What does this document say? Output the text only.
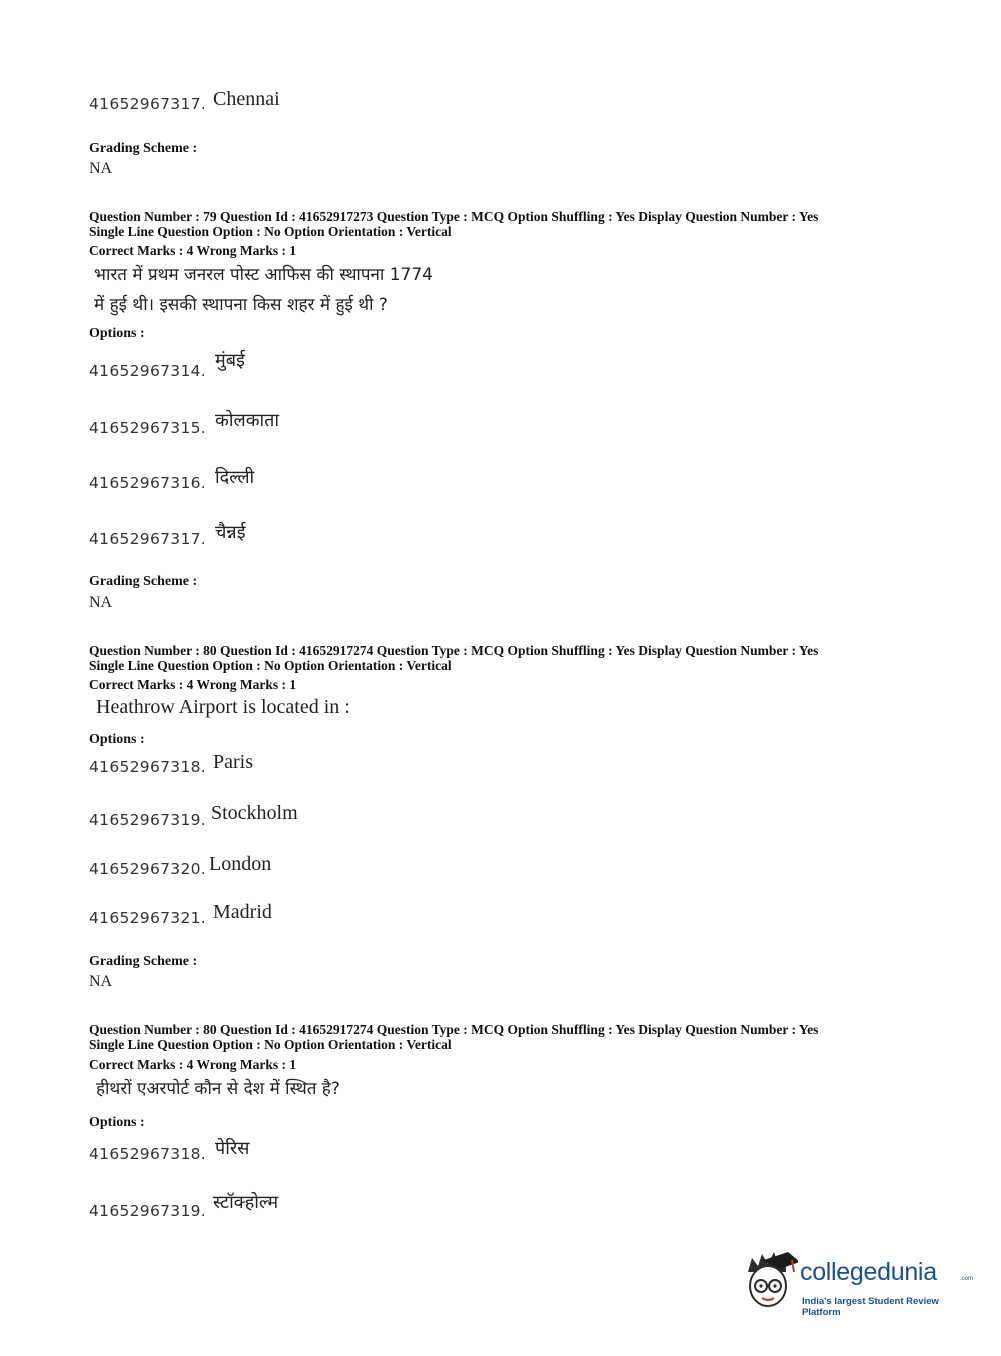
41652967317. Chennai
Grading Scheme :
NA
Question Number : 79 Question Id : 41652917273 Question Type : MCQ Option Shuffling : Yes Display Question Number : Yes
Single Line Question Option : No Option Orientation : Vertical
Correct Marks : 4 Wrong Marks : 1
भारत में प्रथम जनरल पोस्ट आफिस की स्थापना 1774
में हुई थी। इसकी स्थापना किस शहर में हुई थी ?
Options :
41652967314. मुंबई
41652967315. कोलकाता
41652967316. दिल्ली
41652967317. चैन्नई
Grading Scheme :
NA
Question Number : 80 Question Id : 41652917274 Question Type : MCQ Option Shuffling : Yes Display Question Number : Yes
Single Line Question Option : No Option Orientation : Vertical
Correct Marks : 4 Wrong Marks : 1
Heathrow Airport is located in :
Options :
41652967318. Paris
41652967319. Stockholm
41652967320. London
41652967321. Madrid
Grading Scheme :
NA
Question Number : 80 Question Id : 41652917274 Question Type : MCQ Option Shuffling : Yes Display Question Number : Yes
Single Line Question Option : No Option Orientation : Vertical
Correct Marks : 4 Wrong Marks : 1
हीथरों एअरपोर्ट कौन से देश में स्थित है?
Options :
41652967318. पेरिस
41652967319. स्टॉक्होल्म
collegedunia	.com
India's largest Student Review Platform
